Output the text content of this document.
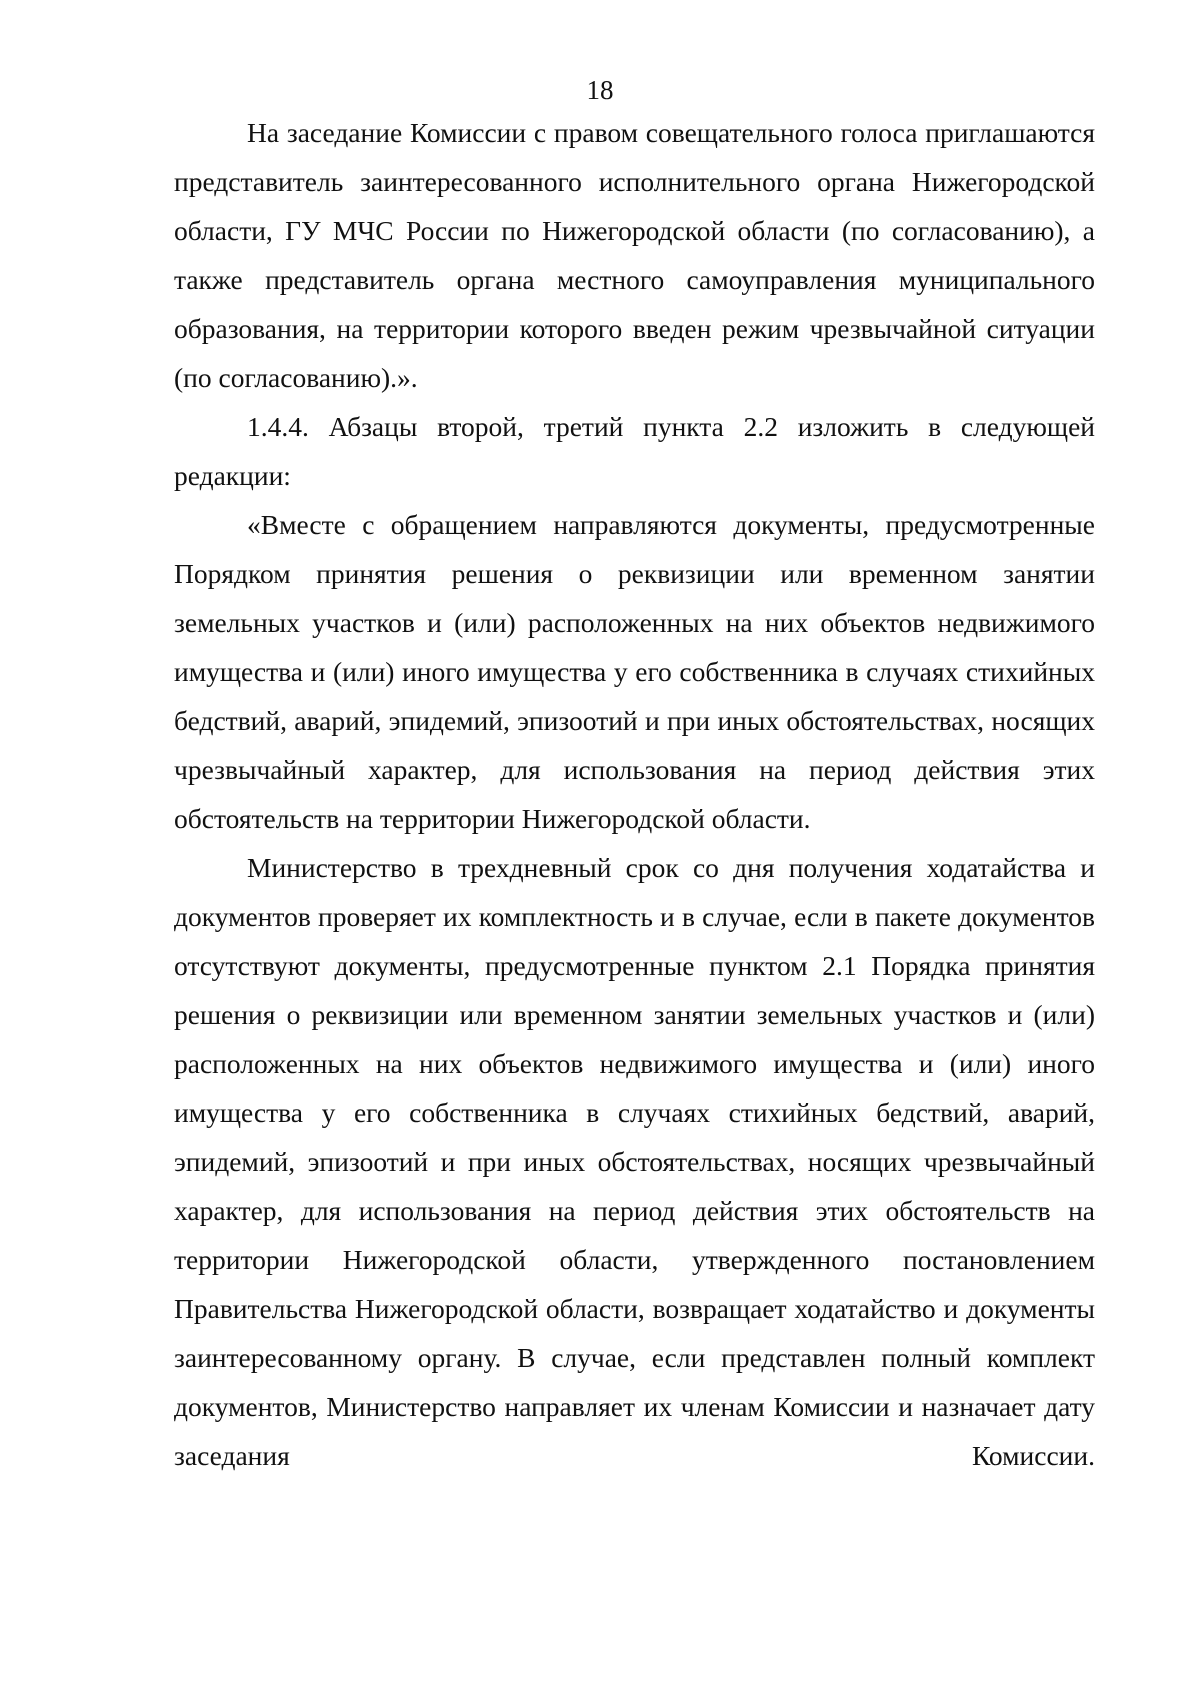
18

На заседание Комиссии с правом совещательного голоса приглашаются представитель заинтересованного исполнительного органа Нижегородской области, ГУ МЧС России по Нижегородской области (по согласованию), а также представитель органа местного самоуправления муниципального образования, на территории которого введен режим чрезвычайной ситуации (по согласованию).».

1.4.4. Абзацы второй, третий пункта 2.2 изложить в следующей редакции:

«Вместе с обращением направляются документы, предусмотренные Порядком принятия решения о реквизиции или временном занятии земельных участков и (или) расположенных на них объектов недвижимого имущества и (или) иного имущества у его собственника в случаях стихийных бедствий, аварий, эпидемий, эпизоотий и при иных обстоятельствах, носящих чрезвычайный характер, для использования на период действия этих обстоятельств на территории Нижегородской области.

Министерство в трехдневный срок со дня получения ходатайства и документов проверяет их комплектность и в случае, если в пакете документов отсутствуют документы, предусмотренные пунктом 2.1 Порядка принятия решения о реквизиции или временном занятии земельных участков и (или) расположенных на них объектов недвижимого имущества и (или) иного имущества у его собственника в случаях стихийных бедствий, аварий, эпидемий, эпизоотий и при иных обстоятельствах, носящих чрезвычайный характер, для использования на период действия этих обстоятельств на территории Нижегородской области, утвержденного постановлением Правительства Нижегородской области, возвращает ходатайство и документы заинтересованному органу. В случае, если представлен полный комплект документов, Министерство направляет их членам Комиссии и назначает дату заседания Комиссии.
